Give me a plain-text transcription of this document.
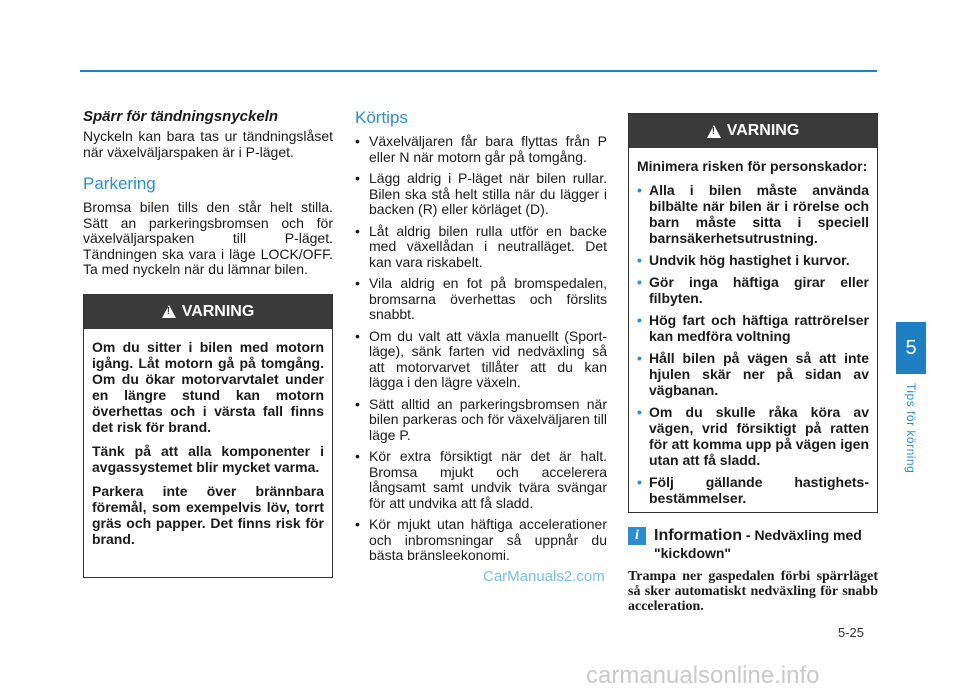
Spärr för tändningsnyckeln

Nyckeln kan bara tas ur tändningslåset när växelväljarspaken är i P-läget.

Parkering

Bromsa bilen tills den står helt stilla. Sätt an parkeringsbromsen och för växelväljarspaken till P-läget. Tändningen ska vara i läge LOCK/OFF. Ta med nyckeln när du lämnar bilen.

!
VARNING

Om du sitter i bilen med motorn igång. Låt motorn gå på tomgång. Om du ökar motorvarvtalet under en längre stund kan motorn överhettas och i värsta fall finns det risk för brand.

Tänk på att alla komponenter i avgassystemet blir mycket varma.

Parkera inte över brännbara föremål, som exempelvis löv, torrt gräs och papper. Det finns risk för brand.

Körtips
• Växelväljaren får bara flyttas från P eller N när motorn går på tomgång.
• Lägg aldrig i P-läget när bilen rullar. Bilen ska stå helt stilla när du lägger i backen (R) eller körläget (D).
• Låt aldrig bilen rulla utför en backe med växellådan i neutralläget. Det kan vara riskabelt.
• Vila aldrig en fot på bromspedalen, bromsarna överhettas och förslits snabbt.
• Om du valt att växla manuellt (Sport-läge), sänk farten vid nedväxling så att motorvarvet tillåter att du kan lägga i den lägre växeln.
• Sätt alltid an parkeringsbromsen när bilen parkeras och för växelväljaren till läge P.
• Kör extra försiktigt när det är halt. Bromsa mjukt och accelerera långsamt samt undvik tvära svängar för att undvika att få sladd.
• Kör mjukt utan häftiga accelerationer och inbromsningar så uppnår du bästa bränsleekonomi.
!
VARNING

Minimera risken för personskador:

• Alla i bilen måste använda bilbälte när bilen är i rörelse och barn måste sitta i speciell barnsäkerhetsutrustning.
• Undvik hög hastighet i kurvor.
• Gör inga häftiga girar eller filbyten.
• Hög fart och häftiga rattrörelser kan medföra voltning
• Håll bilen på vägen så att inte hjulen skär ner på sidan av vägbanan.
• Om du skulle råka köra av vägen, vrid försiktigt på ratten för att komma upp på vägen igen utan att få sladd.
• Följ gällande hastighets-bestämmelser.
i Information - Nedväxling med "kickdown"

Trampa ner gaspedalen förbi spärrläget så sker automatiskt nedväxling för snabb acceleration.

5
Tips för körning
5-25
CarManuals2.com
carmanualsonline.info
